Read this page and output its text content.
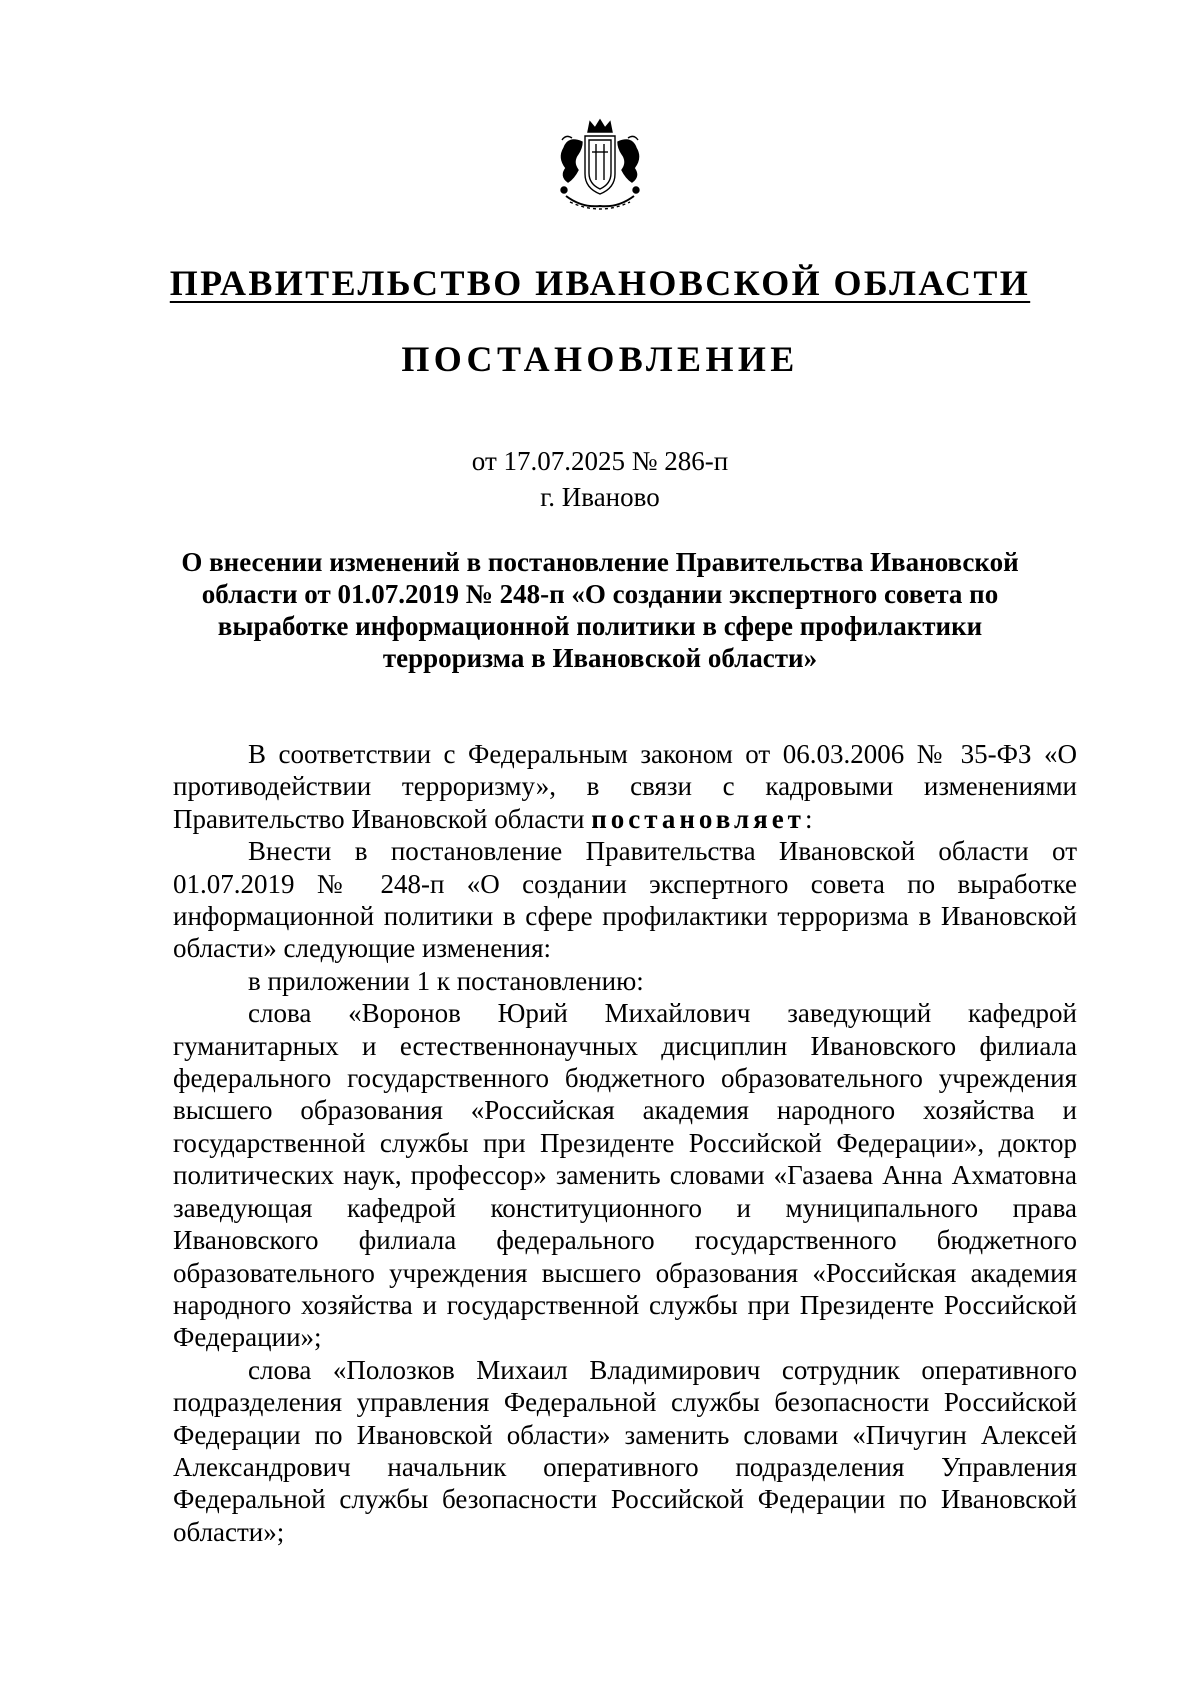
ПРАВИТЕЛЬСТВО ИВАНОВСКОЙ ОБЛАСТИ
ПОСТАНОВЛЕНИЕ
от 17.07.2025 № 286-п
г. Иваново
О внесении изменений в постановление Правительства Ивановской области от 01.07.2019 № 248-п «О создании экспертного совета по выработке информационной политики в сфере профилактики терроризма в Ивановской области»

В соответствии с Федеральным законом от 06.03.2006 № 35-ФЗ «О противодействии терроризму», в связи с кадровыми изменениями Правительство Ивановской области постановляет:

Внести в постановление Правительства Ивановской области от 01.07.2019 № 248-п «О создании экспертного совета по выработке информационной политики в сфере профилактики терроризма в Ивановской области» следующие изменения:

в приложении 1 к постановлению:

слова «Воронов Юрий Михайлович заведующий кафедрой гуманитарных и естественнонаучных дисциплин Ивановского филиала федерального государственного бюджетного образовательного учреждения высшего образования «Российская академия народного хозяйства и государственной службы при Президенте Российской Федерации», доктор политических наук, профессор» заменить словами «Газаева Анна Ахматовна заведующая кафедрой конституционного и муниципального права Ивановского филиала федерального государственного бюджетного образовательного учреждения высшего образования «Российская академия народного хозяйства и государственной службы при Президенте Российской Федерации»;

слова «Полозков Михаил Владимирович сотрудник оперативного подразделения управления Федеральной службы безопасности Российской Федерации по Ивановской области» заменить словами «Пичугин Алексей Александрович начальник оперативного подразделения Управления Федеральной службы безопасности Российской Федерации по Ивановской области»;
